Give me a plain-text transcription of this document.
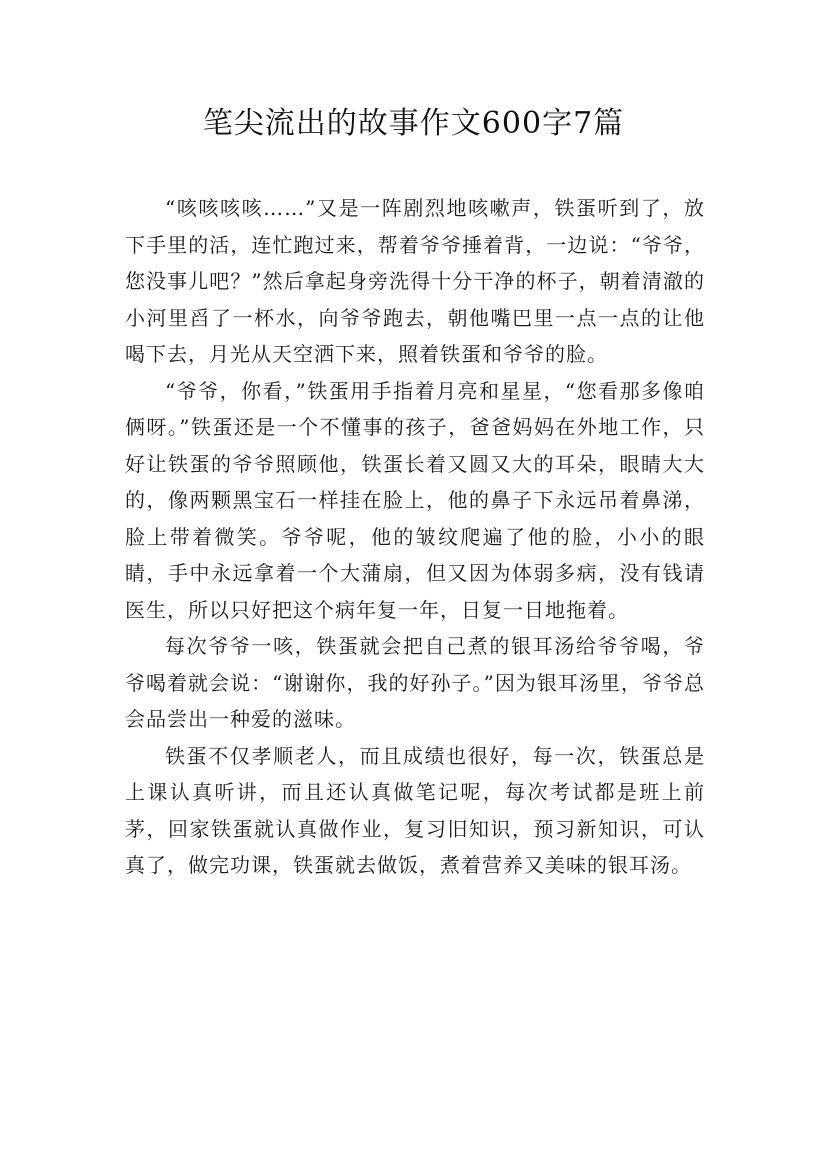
笔尖流出的故事作文600字7篇

“咳咳咳咳……”又是一阵剧烈地咳嗽声，铁蛋听到了，放下手里的活，连忙跑过来，帮着爷爷捶着背，一边说：“爷爷，您没事儿吧？”然后拿起身旁洗得十分干净的杯子，朝着清澈的小河里舀了一杯水，向爷爷跑去，朝他嘴巴里一点一点的让他喝下去，月光从天空洒下来，照着铁蛋和爷爷的脸。

“爷爷，你看，”铁蛋用手指着月亮和星星，“您看那多像咱俩呀。”铁蛋还是一个不懂事的孩子，爸爸妈妈在外地工作，只好让铁蛋的爷爷照顾他，铁蛋长着又圆又大的耳朵，眼睛大大的，像两颗黑宝石一样挂在脸上，他的鼻子下永远吊着鼻涕，脸上带着微笑。爷爷呢，他的皱纹爬遍了他的脸，小小的眼睛，手中永远拿着一个大蒲扇，但又因为体弱多病，没有钱请医生，所以只好把这个病年复一年，日复一日地拖着。

每次爷爷一咳，铁蛋就会把自己煮的银耳汤给爷爷喝，爷爷喝着就会说：“谢谢你，我的好孙子。”因为银耳汤里，爷爷总会品尝出一种爱的滋味。

铁蛋不仅孝顺老人，而且成绩也很好，每一次，铁蛋总是上课认真听讲，而且还认真做笔记呢，每次考试都是班上前茅，回家铁蛋就认真做作业，复习旧知识，预习新知识，可认真了，做完功课，铁蛋就去做饭，煮着营养又美味的银耳汤。
